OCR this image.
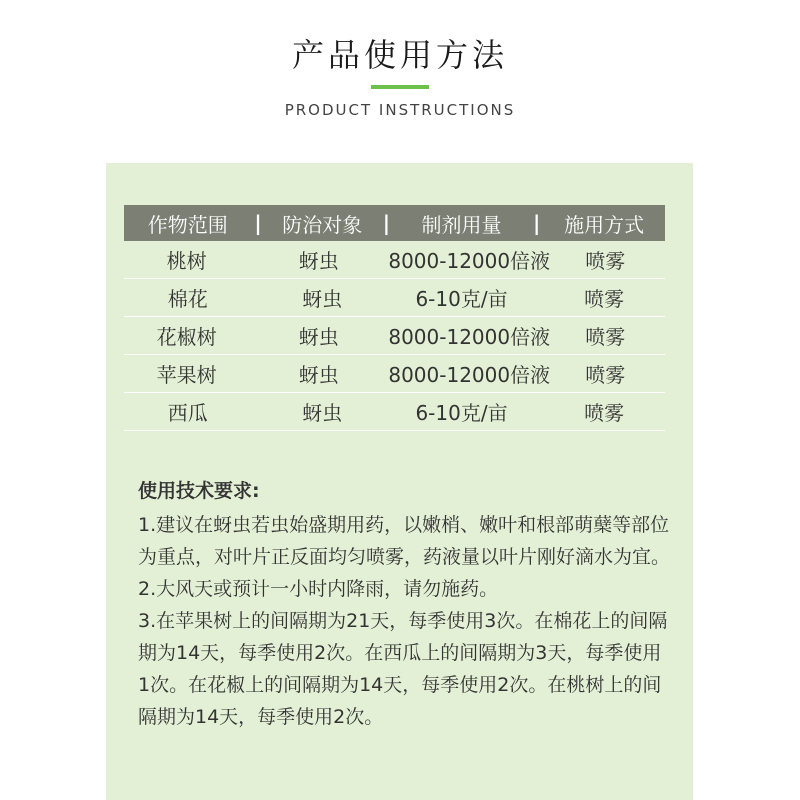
产品使用方法
PRODUCT INSTRUCTIONS
作物范围	|	防治对象	|	制剂用量	|	施用方式
桃树	蚜虫	8000-12000倍液	喷雾
棉花	蚜虫	6-10克/亩	喷雾
花椒树	蚜虫	8000-12000倍液	喷雾
苹果树	蚜虫	8000-12000倍液	喷雾
西瓜	蚜虫	6-10克/亩	喷雾
使用技术要求:

1.建议在蚜虫若虫始盛期用药，以嫩梢、嫩叶和根部萌蘖等部位为重点，对叶片正反面均匀喷雾，药液量以叶片刚好滴水为宜。

2.大风天或预计一小时内降雨，请勿施药。

3.在苹果树上的间隔期为21天，每季使用3次。在棉花上的间隔期为14天，每季使用2次。在西瓜上的间隔期为3天，每季使用1次。在花椒上的间隔期为14天，每季使用2次。在桃树上的间隔期为14天，每季使用2次。
